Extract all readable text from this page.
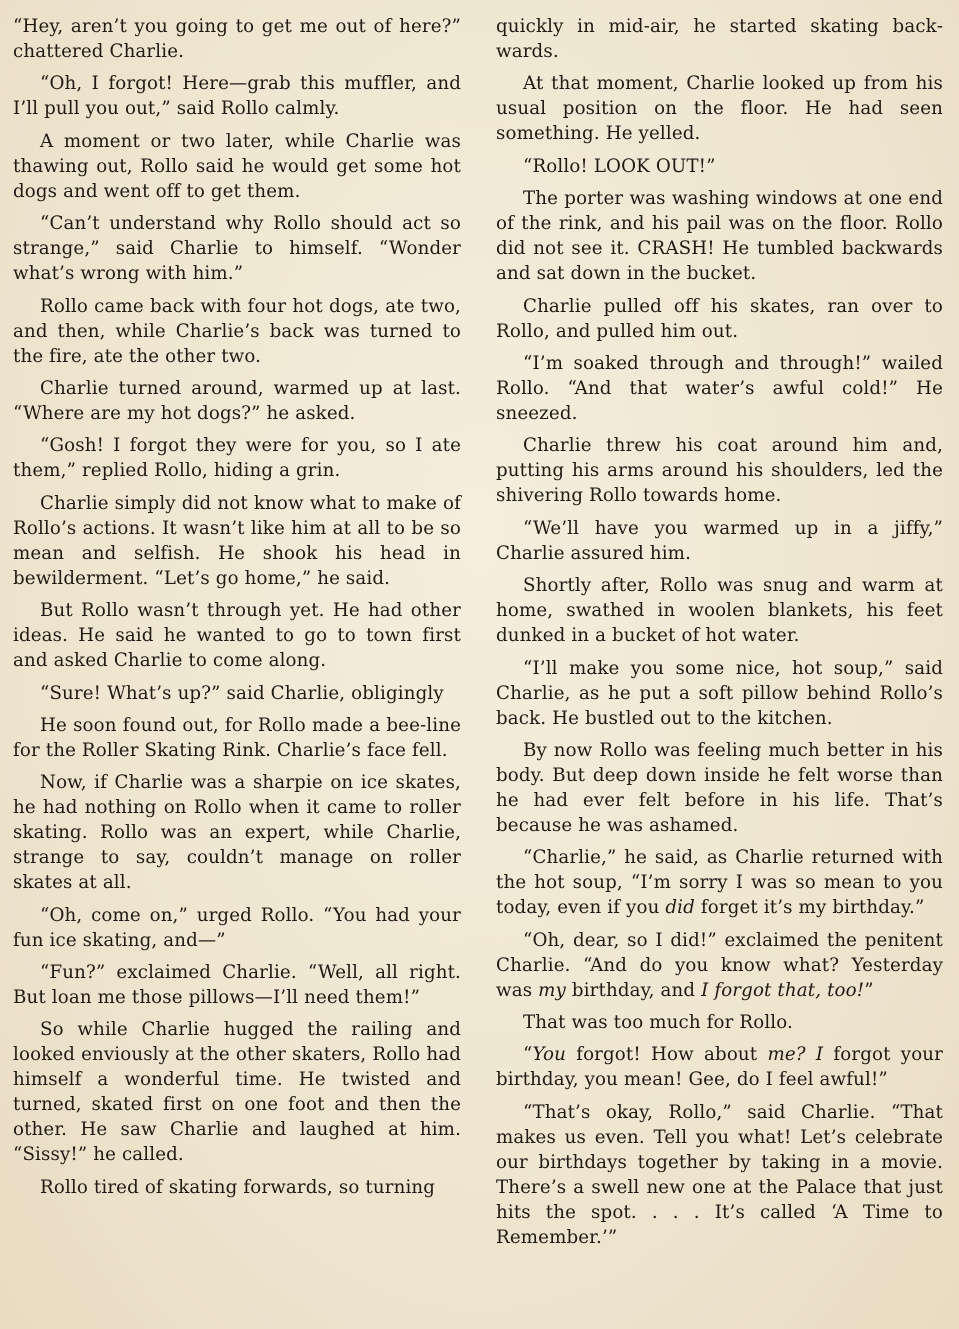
“Hey, aren’t you going to get me out of here?” chattered Charlie.

“Oh, I forgot! Here—grab this muffler, and I’ll pull you out,” said Rollo calmly.

A moment or two later, while Charlie was thawing out, Rollo said he would get some hot dogs and went off to get them.

“Can’t understand why Rollo should act so strange,” said Charlie to himself. “Wonder what’s wrong with him.”

Rollo came back with four hot dogs, ate two, and then, while Charlie’s back was turned to the fire, ate the other two.

Charlie turned around, warmed up at last. “Where are my hot dogs?” he asked.

“Gosh! I forgot they were for you, so I ate them,” replied Rollo, hiding a grin.

Charlie simply did not know what to make of Rollo’s actions. It wasn’t like him at all to be so mean and selfish. He shook his head in bewilderment. “Let’s go home,” he said.

But Rollo wasn’t through yet. He had other ideas. He said he wanted to go to town first and asked Charlie to come along.

“Sure! What’s up?” said Charlie, obligingly

He soon found out, for Rollo made a bee-line for the Roller Skating Rink. Charlie’s face fell.

Now, if Charlie was a sharpie on ice skates, he had nothing on Rollo when it came to roller skating. Rollo was an expert, while Charlie, strange to say, couldn’t manage on roller skates at all.

“Oh, come on,” urged Rollo. “You had your fun ice skating, and—”

“Fun?” exclaimed Charlie. “Well, all right. But loan me those pillows—I’ll need them!”

So while Charlie hugged the railing and looked enviously at the other skaters, Rollo had himself a wonderful time. He twisted and turned, skated first on one foot and then the other. He saw Charlie and laughed at him. “Sissy!” he called.

Rollo tired of skating forwards, so turning

quickly in mid-air, he started skating backwards.

At that moment, Charlie looked up from his usual position on the floor. He had seen something. He yelled.

“Rollo! LOOK OUT!”

The porter was washing windows at one end of the rink, and his pail was on the floor. Rollo did not see it. CRASH! He tumbled backwards and sat down in the bucket.

Charlie pulled off his skates, ran over to Rollo, and pulled him out.

“I’m soaked through and through!” wailed Rollo. “And that water’s awful cold!” He sneezed.

Charlie threw his coat around him and, putting his arms around his shoulders, led the shivering Rollo towards home.

“We’ll have you warmed up in a jiffy,” Charlie assured him.

Shortly after, Rollo was snug and warm at home, swathed in woolen blankets, his feet dunked in a bucket of hot water.

“I’ll make you some nice, hot soup,” said Charlie, as he put a soft pillow behind Rollo’s back. He bustled out to the kitchen.

By now Rollo was feeling much better in his body. But deep down inside he felt worse than he had ever felt before in his life. That’s because he was ashamed.

“Charlie,” he said, as Charlie returned with the hot soup, “I’m sorry I was so mean to you today, even if you did forget it’s my birthday.”

“Oh, dear, so I did!” exclaimed the penitent Charlie. “And do you know what? Yesterday was my birthday, and I forgot that, too!”

That was too much for Rollo.

“You forgot! How about me? I forgot your birthday, you mean! Gee, do I feel awful!”

“That’s okay, Rollo,” said Charlie. “That makes us even. Tell you what! Let’s celebrate our birthdays together by taking in a movie. There’s a swell new one at the Palace that just hits the spot. . . . It’s called ‘A Time to Remember.’”
